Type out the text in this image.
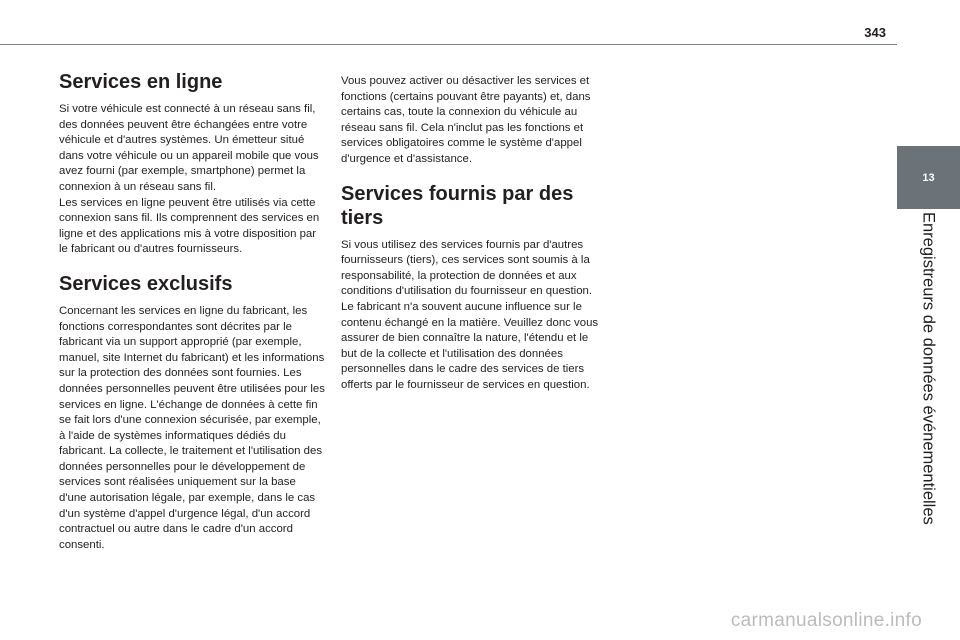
343
13
Enregistreurs de données événementielles
Services en ligne

Si votre véhicule est connecté à un réseau sans fil, des données peuvent être échangées entre votre véhicule et d'autres systèmes. Un émetteur situé dans votre véhicule ou un appareil mobile que vous avez fourni (par exemple, smartphone) permet la connexion à un réseau sans fil.

Les services en ligne peuvent être utilisés via cette connexion sans fil. Ils comprennent des services en ligne et des applications mis à votre disposition par le fabricant ou d'autres fournisseurs.

Services exclusifs

Concernant les services en ligne du fabricant, les fonctions correspondantes sont décrites par le fabricant via un support approprié (par exemple, manuel, site Internet du fabricant) et les informations sur la protection des données sont fournies. Les données personnelles peuvent être utilisées pour les services en ligne. L'échange de données à cette fin se fait lors d'une connexion sécurisée, par exemple, à l'aide de systèmes informatiques dédiés du fabricant. La collecte, le traitement et l'utilisation des données personnelles pour le développement de services sont réalisées uniquement sur la base d'une autorisation légale, par exemple, dans le cas d'un système d'appel d'urgence légal, d'un accord contractuel ou autre dans le cadre d'un accord consenti.

Vous pouvez activer ou désactiver les services et fonctions (certains pouvant être payants) et, dans certains cas, toute la connexion du véhicule au réseau sans fil. Cela n'inclut pas les fonctions et services obligatoires comme le système d'appel d'urgence et d'assistance.

Services fournis par des tiers

Si vous utilisez des services fournis par d'autres fournisseurs (tiers), ces services sont soumis à la responsabilité, la protection de données et aux conditions d'utilisation du fournisseur en question. Le fabricant n'a souvent aucune influence sur le contenu échangé en la matière. Veuillez donc vous assurer de bien connaître la nature, l'étendu et le but de la collecte et l'utilisation des données personnelles dans le cadre des services de tiers offerts par le fournisseur de services en question.

carmanualsonline.info
